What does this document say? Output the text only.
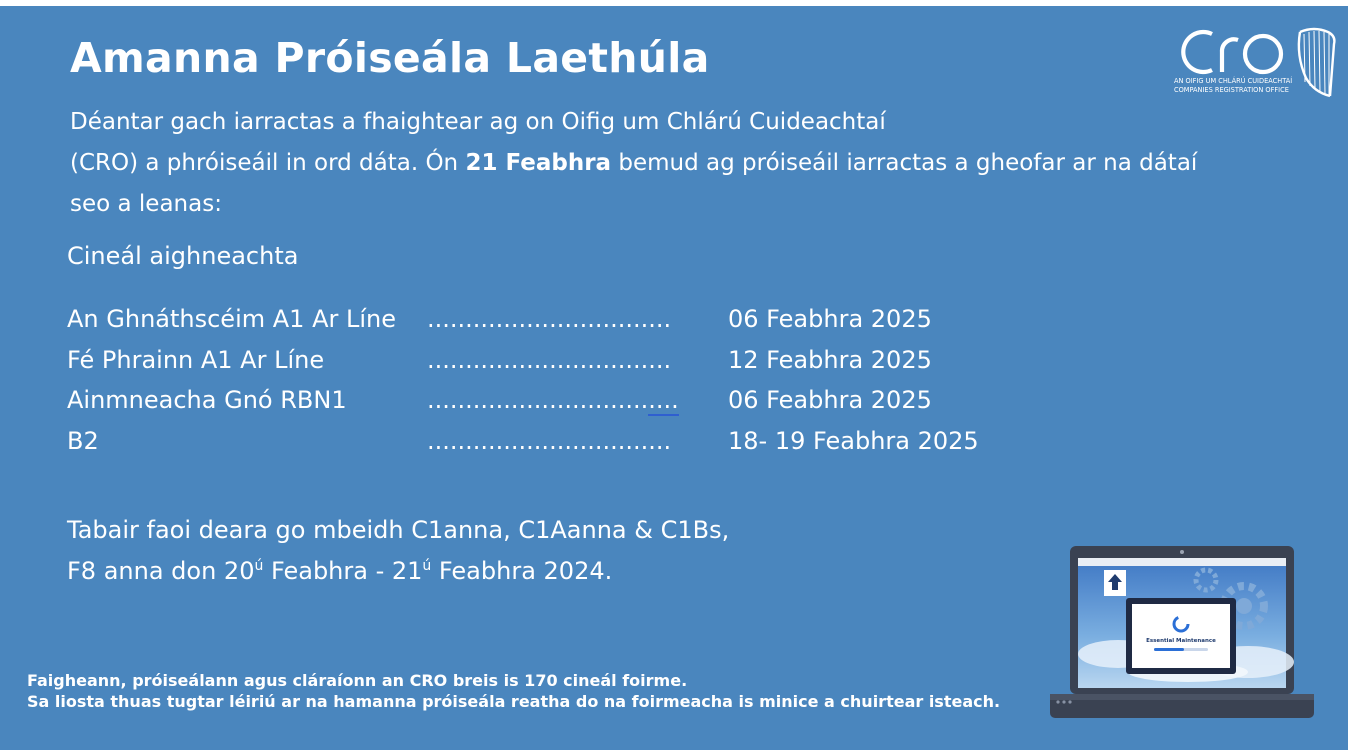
Amanna Próiseála Laethúla
Déantar gach iarractas a fhaightear ag on Oifig um Chlárú Cuideachtaí
(CRO) a phróiseáil in ord dáta. Ón 21 Feabhra bemud ag próiseáil iarractas a gheofar ar na dátaí
seo a leanas:
Cineál aighneachta
An Ghnáthscéim A1 Ar Líne ................................ 06 Feabhra 2025
Fé Phrainn A1 Ar Líne	................................ 12 Feabhra 2025
Ainmneacha Gnó RBN1	................................. 06 Feabhra 2025
B2	................................ 18- 19 Feabhra 2025
Tabair faoi deara go mbeidh C1anna, C1Aanna & C1Bs,
F8 anna don $20^ú$ Feabhra - $21^ú$ Feabhra 2024.
Faigheann, próiseálann agus cláraíonn an CRO breis is 170 cineál foirme.
Sa liosta thuas tugtar léiriú ar na hamanna próiseála reatha do na foirmeacha is minice a chuirtear isteach.
AN OIFIG UM CHLÁRÚ CUIDEACHTAÍ
COMPANIES REGISTRATION OFFICE
Essential Maintenance
